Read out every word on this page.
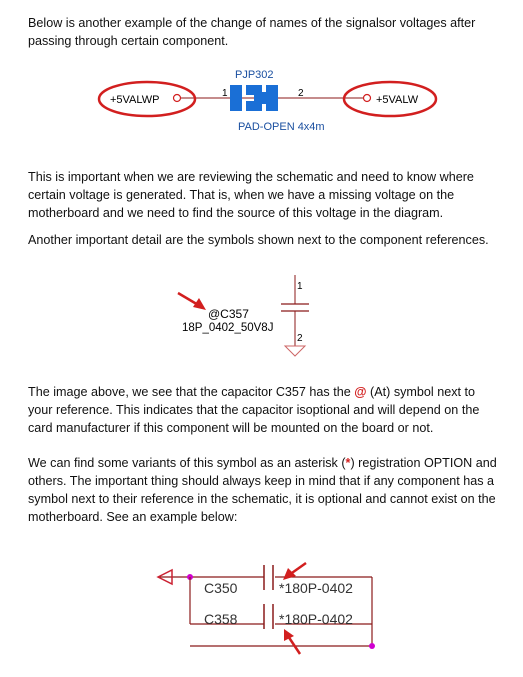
Below is another example of the change of names of the signalsor voltages after passing through certain component.

+5VALWP	+5VALW
PJP302
1	2
PAD-OPEN 4x4m

This is important when we are reviewing the schematic and need to know where certain voltage is generated. That is, when we have a missing voltage on the motherboard and we need to find the source of this voltage in the diagram.

Another important detail are the symbols shown next to the component references.

1
2
@C357
18P_0402_50V8J

The image above, we see that the capacitor C357 has the @ (At) symbol next to your reference. This indicates that the capacitor isoptional and will depend on the card manufacturer if this component will be mounted on the board or not.

We can find some variants of this symbol as an asterisk (*) registration OPTION and others. The important thing should always keep in mind that if any component has a symbol next to their reference in the schematic, it is optional and cannot exist on the motherboard. See an example below:

C350	*180P-0402
C358	*180P-0402
